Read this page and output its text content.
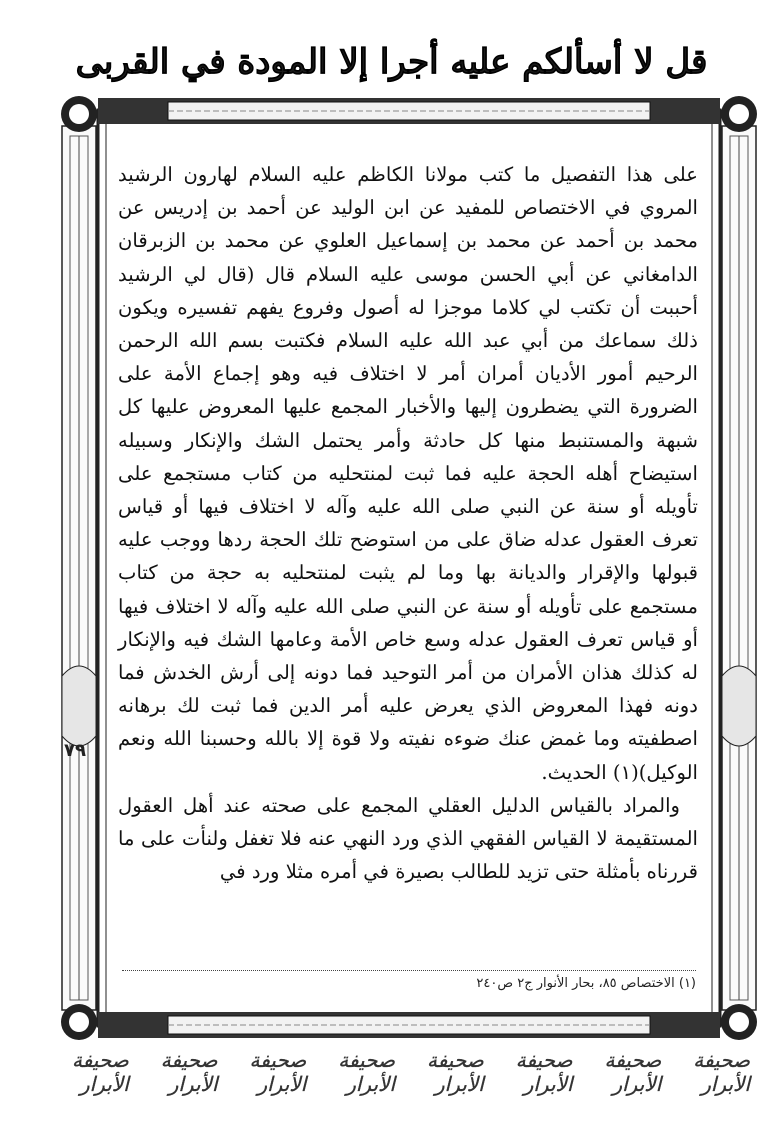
قل لا أسألكم عليه أجرا إلا المودة في القربى

على هذا التفصيل ما كتب مولانا الكاظم عليه السلام لهارون الرشيد المروي في الاختصاص للمفيد عن ابن الوليد عن أحمد بن إدريس عن محمد بن أحمد عن محمد بن إسماعيل العلوي عن محمد بن الزبرقان الدامغاني عن أبي الحسن موسى عليه السلام قال (قال لي الرشيد أحببت أن تكتب لي كلاما موجزا له أصول وفروع يفهم تفسيره ويكون ذلك سماعك من أبي عبد الله عليه السلام فكتبت بسم الله الرحمن الرحيم أمور الأديان أمران أمر لا اختلاف فيه وهو إجماع الأمة على الضرورة التي يضطرون إليها والأخبار المجمع عليها المعروض عليها كل شبهة والمستنبط منها كل حادثة وأمر يحتمل الشك والإنكار وسبيله استيضاح أهله الحجة عليه فما ثبت لمنتحليه من كتاب مستجمع على تأويله أو سنة عن النبي صلى الله عليه وآله لا اختلاف فيها أو قياس تعرف العقول عدله ضاق على من استوضح تلك الحجة ردها ووجب عليه قبولها والإقرار والديانة بها وما لم يثبت لمنتحليه به حجة من كتاب مستجمع على تأويله أو سنة عن النبي صلى الله عليه وآله لا اختلاف فيها أو قياس تعرف العقول عدله وسع خاص الأمة وعامها الشك فيه والإنكار له كذلك هذان الأمران من أمر التوحيد فما دونه إلى أرش الخدش فما دونه فهذا المعروض الذي يعرض عليه أمر الدين فما ثبت لك برهانه اصطفيته وما غمض عنك ضوءه نفيته ولا قوة إلا بالله وحسبنا الله ونعم الوكيل)(١) الحديث.

والمراد بالقياس الدليل العقلي المجمع على صحته عند أهل العقول المستقيمة لا القياس الفقهي الذي ورد النهي عنه فلا تغفل ولنأت على ما قررناه بأمثلة حتى تزيد للطالب بصيرة في أمره مثلا ورد في

٧٩
(١) الاختصاص ٨٥، بحار الأنوار ج٢ ص٢٤٠
صحيفة الأبرار
صحيفة الأبرار
صحيفة الأبرار
صحيفة الأبرار
صحيفة الأبرار
صحيفة الأبرار
صحيفة الأبرار
صحيفة الأبرار
